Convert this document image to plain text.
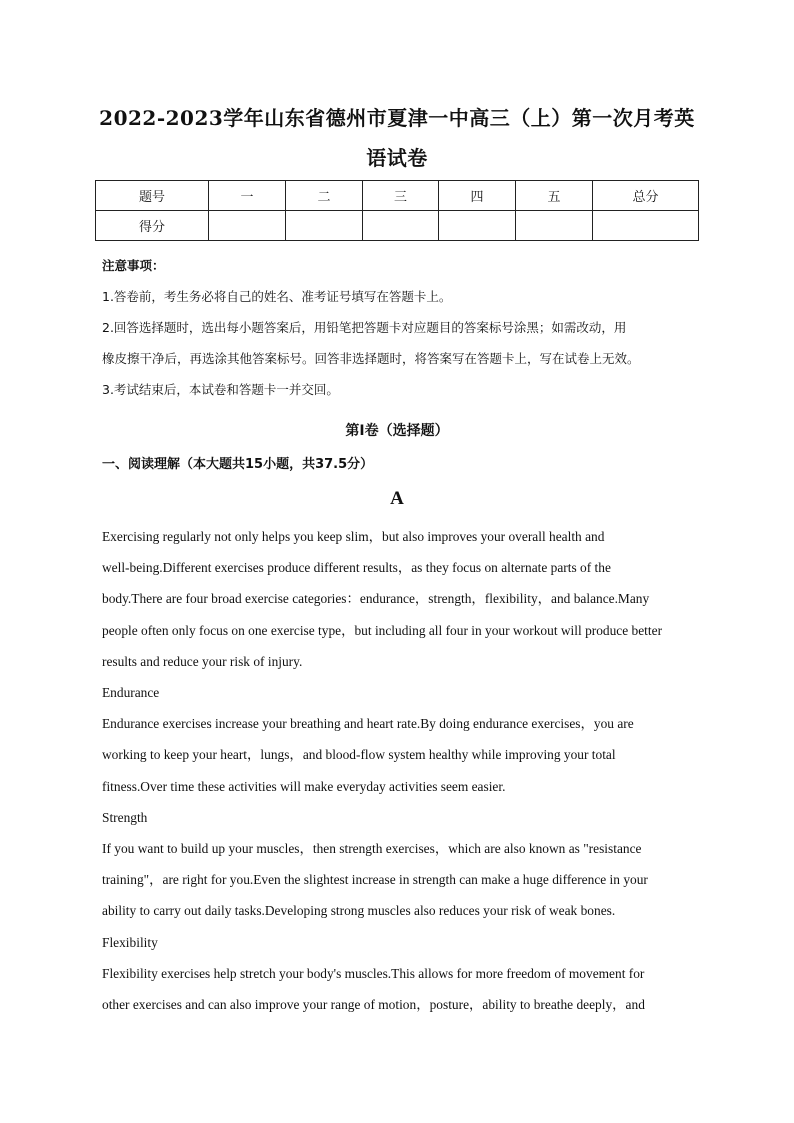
2022-2023学年山东省德州市夏津一中高三（上）第一次月考英
语试卷
题号	一	二	三	四	五	总分
得分						

注意事项：

1.答卷前，考生务必将自己的姓名、准考证号填写在答题卡上。

2.回答选择题时，选出每小题答案后，用铅笔把答题卡对应题目的答案标号涂黑；如需改动，用

橡皮擦干净后，再选涂其他答案标号。回答非选择题时，将答案写在答题卡上，写在试卷上无效。

3.考试结束后，本试卷和答题卡一并交回。

第Ⅰ卷（选择题）
一、阅读理解（本大题共15小题，共37.5分）
A

Exercising regularly not only helps you keep slim，but also improves your overall health and

well-being.Different exercises produce different results，as they focus on alternate parts of the

body.There are four broad exercise categories：endurance，strength，flexibility，and balance.Many

people often only focus on one exercise type，but including all four in your workout will produce better

results and reduce your risk of injury.

Endurance

Endurance exercises increase your breathing and heart rate.By doing endurance exercises，you are

working to keep your heart，lungs，and blood-flow system healthy while improving your total

fitness.Over time these activities will make everyday activities seem easier.

Strength

If you want to build up your muscles，then strength exercises，which are also known as "resistance

training"，are right for you.Even the slightest increase in strength can make a huge difference in your

ability to carry out daily tasks.Developing strong muscles also reduces your risk of weak bones.

Flexibility

Flexibility exercises help stretch your body's muscles.This allows for more freedom of movement for

other exercises and can also improve your range of motion，posture，ability to breathe deeply，and
